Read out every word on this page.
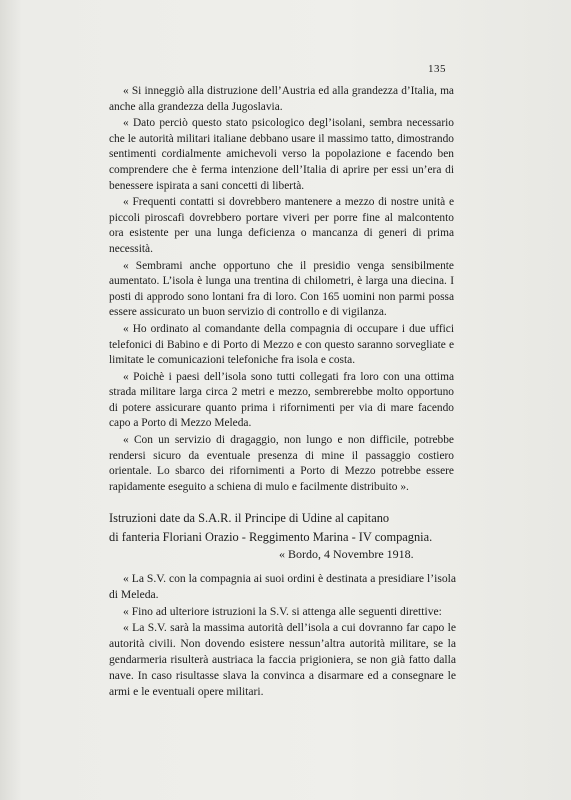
135

« Si inneggiò alla distruzione dell’Austria ed alla grandezza d’Italia, ma anche alla grandezza della Jugoslavia.

« Dato perciò questo stato psicologico degl’isolani, sembra necessario che le autorità militari italiane debbano usare il massimo tatto, dimostrando sentimenti cordialmente amichevoli verso la popolazione e facendo ben comprendere che è ferma intenzione dell’Italia di aprire per essi un’era di benessere ispirata a sani concetti di libertà.

« Frequenti contatti si dovrebbero mantenere a mezzo di nostre unità e piccoli piroscafi dovrebbero portare viveri per porre fine al malcontento ora esistente per una lunga deficienza o mancanza di generi di prima necessità.

« Sembrami anche opportuno che il presidio venga sensibilmente aumentato. L’isola è lunga una trentina di chilometri, è larga una diecina. I posti di approdo sono lontani fra di loro. Con 165 uomini non parmi possa essere assicurato un buon servizio di controllo e di vigilanza.

« Ho ordinato al comandante della compagnia di occupare i due uffici telefonici di Babino e di Porto di Mezzo e con questo saranno sorvegliate e limitate le comunicazioni telefoniche fra isola e costa.

« Poichè i paesi dell’isola sono tutti collegati fra loro con una ottima strada militare larga circa 2 metri e mezzo, sembrerebbe molto opportuno di potere assicurare quanto prima i rifornimenti per via di mare facendo capo a Porto di Mezzo Meleda.

« Con un servizio di dragaggio, non lungo e non difficile, potrebbe rendersi sicuro da eventuale presenza di mine il passaggio costiero orientale. Lo sbarco dei rifornimenti a Porto di Mezzo potrebbe essere rapidamente eseguito a schiena di mulo e facilmente distribuito ».

Istruzioni date da S.A.R. il Principe di Udine al capitano
di fanteria Floriani Orazio - Reggimento Marina - IV compagnia.
« Bordo, 4 Novembre 1918.

« La S.V. con la compagnia ai suoi ordini è destinata a presidiare l’isola di Meleda.

« Fino ad ulteriore istruzioni la S.V. si attenga alle seguenti direttive:

« La S.V. sarà la massima autorità dell’isola a cui dovranno far capo le autorità civili. Non dovendo esistere nessun’altra autorità militare, se la gendarmeria risulterà austriaca la faccia prigioniera, se non già fatto dalla nave. In caso risultasse slava la convinca a disarmare ed a consegnare le armi e le eventuali opere militari.
